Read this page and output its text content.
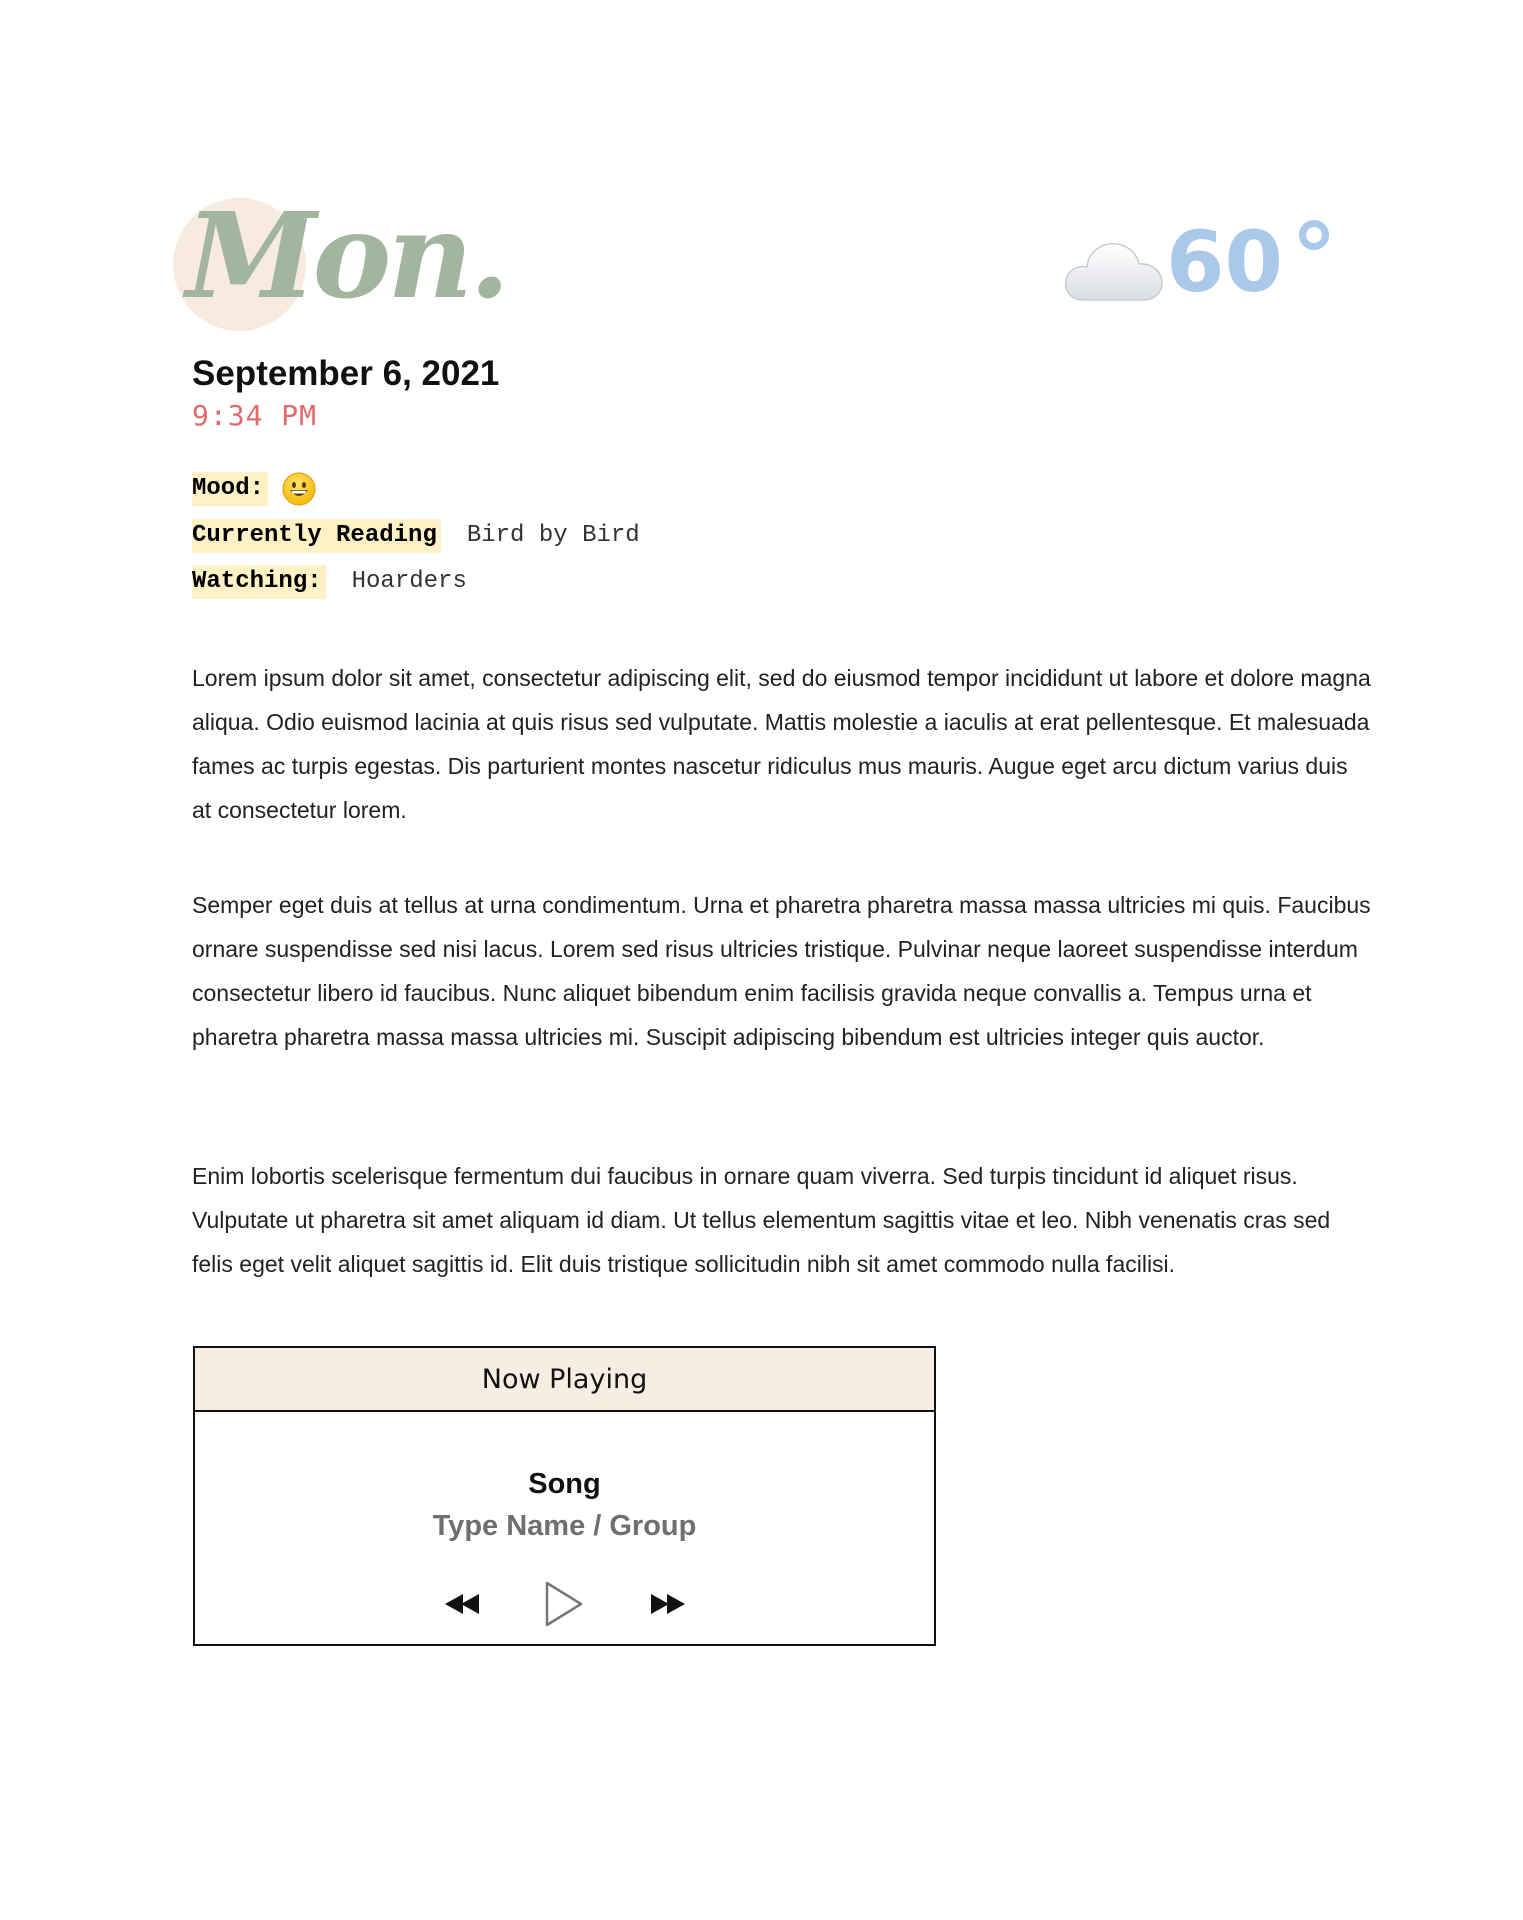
Mon.	60
September 6, 2021
9:34 PM
Mood:
Currently Reading Bird by Bird
Watching: Hoarders

Lorem ipsum dolor sit amet, consectetur adipiscing elit, sed do eiusmod tempor incididunt ut labore et dolore magna aliqua. Odio euismod lacinia at quis risus sed vulputate. Mattis molestie a iaculis at erat pellentesque. Et malesuada fames ac turpis egestas. Dis parturient montes nascetur ridiculus mus mauris. Augue eget arcu dictum varius duis at consectetur lorem.

Semper eget duis at tellus at urna condimentum. Urna et pharetra pharetra massa massa ultricies mi quis. Faucibus ornare suspendisse sed nisi lacus. Lorem sed risus ultricies tristique. Pulvinar neque laoreet suspendisse interdum consectetur libero id faucibus. Nunc aliquet bibendum enim facilisis gravida neque convallis a. Tempus urna et pharetra pharetra massa massa ultricies mi. Suscipit adipiscing bibendum est ultricies integer quis auctor.

Enim lobortis scelerisque fermentum dui faucibus in ornare quam viverra. Sed turpis tincidunt id aliquet risus. Vulputate ut pharetra sit amet aliquam id diam. Ut tellus elementum sagittis vitae et leo. Nibh venenatis cras sed felis eget velit aliquet sagittis id. Elit duis tristique sollicitudin nibh sit amet commodo nulla facilisi.

Now Playing
Song
Type Name / Group
